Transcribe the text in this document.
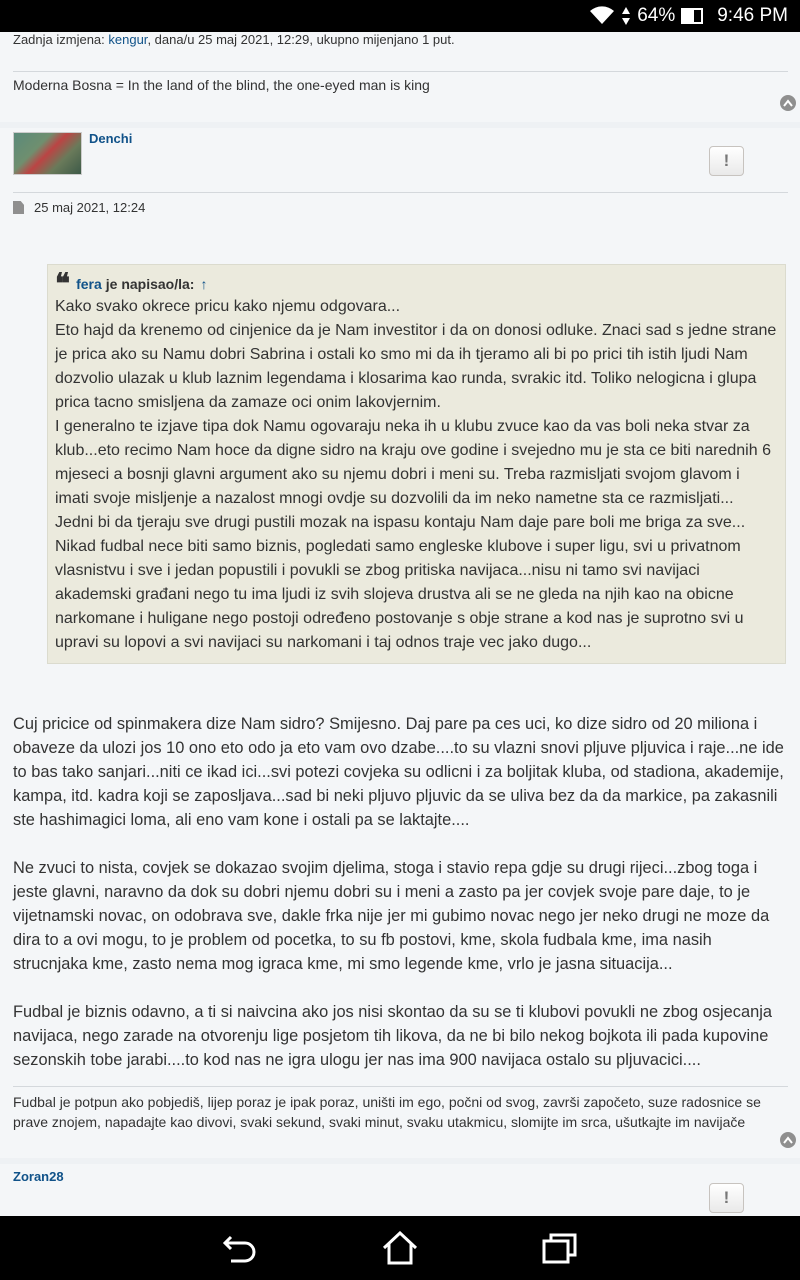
64% 9:46 PM
Zadnja izmjena: kengur, dana/u 25 maj 2021, 12:29, ukupno mijenjano 1 put.
Moderna Bosna = In the land of the blind, the one-eyed man is king
Denchi
!
25 maj 2021, 12:24
❝ fera je napisao/la: ↑
Kako svako okrece pricu kako njemu odgovara...
Eto hajd da krenemo od cinjenice da je Nam investitor i da on donosi odluke. Znaci sad s jedne strane je prica ako su Namu dobri Sabrina i ostali ko smo mi da ih tjeramo ali bi po prici tih istih ljudi Nam dozvolio ulazak u klub laznim legendama i klosarima kao runda, svrakic itd. Toliko nelogicna i glupa prica tacno smisljena da zamaze oci onim lakovjernim.
I generalno te izjave tipa dok Namu ogovaraju neka ih u klubu zvuce kao da vas boli neka stvar za klub...eto recimo Nam hoce da digne sidro na kraju ove godine i svejedno mu je sta ce biti narednih 6 mjeseci a bosnji glavni argument ako su njemu dobri i meni su. Treba razmisljati svojom glavom i imati svoje misljenje a nazalost mnogi ovdje su dozvolili da im neko nametne sta ce razmisljati...
Jedni bi da tjeraju sve drugi pustili mozak na ispasu kontaju Nam daje pare boli me briga za sve...
Nikad fudbal nece biti samo biznis, pogledati samo engleske klubove i super ligu, svi u privatnom vlasnistvu i sve i jedan popustili i povukli se zbog pritiska navijaca...nisu ni tamo svi navijaci akademski građani nego tu ima ljudi iz svih slojeva drustva ali se ne gleda na njih kao na obicne narkomane i huligane nego postoji određeno postovanje s obje strane a kod nas je suprotno svi u upravi su lopovi a svi navijaci su narkomani i taj odnos traje vec jako dugo...
Cuj pricice od spinmakera dize Nam sidro? Smijesno. Daj pare pa ces uci, ko dize sidro od 20 miliona i obaveze da ulozi jos 10 ono eto odo ja eto vam ovo dzabe....to su vlazni snovi pljuve pljuvica i raje...ne ide to bas tako sanjari...niti ce ikad ici...svi potezi covjeka su odlicni i za boljitak kluba, od stadiona, akademije, kampa, itd. kadra koji se zaposljava...sad bi neki pljuvo pljuvic da se uliva bez da da markice, pa zakasnili ste hashimagici loma, ali eno vam kone i ostali pa se laktajte....
Ne zvuci to nista, covjek se dokazao svojim djelima, stoga i stavio repa gdje su drugi rijeci...zbog toga i jeste glavni, naravno da dok su dobri njemu dobri su i meni a zasto pa jer covjek svoje pare daje, to je vijetnamski novac, on odobrava sve, dakle frka nije jer mi gubimo novac nego jer neko drugi ne moze da dira to a ovi mogu, to je problem od pocetka, to su fb postovi, kme, skola fudbala kme, ima nasih strucnjaka kme, zasto nema mog igraca kme, mi smo legende kme, vrlo je jasna situacija...
Fudbal je biznis odavno, a ti si naivcina ako jos nisi skontao da su se ti klubovi povukli ne zbog osjecanja navijaca, nego zarade na otvorenju lige posjetom tih likova, da ne bi bilo nekog bojkota ili pada kupovine sezonskih tobe jarabi....to kod nas ne igra ulogu jer nas ima 900 navijaca ostalo su pljuvacici....
Fudbal je potpun ako pobjediš, lijep poraz je ipak poraz, uništi im ego, počni od svog, završi započeto, suze radosnice se prave znojem, napadajte kao divovi, svaki sekund, svaki minut, svaku utakmicu, slomijte im srca, ušutkajte im navijače
Zoran28
!
